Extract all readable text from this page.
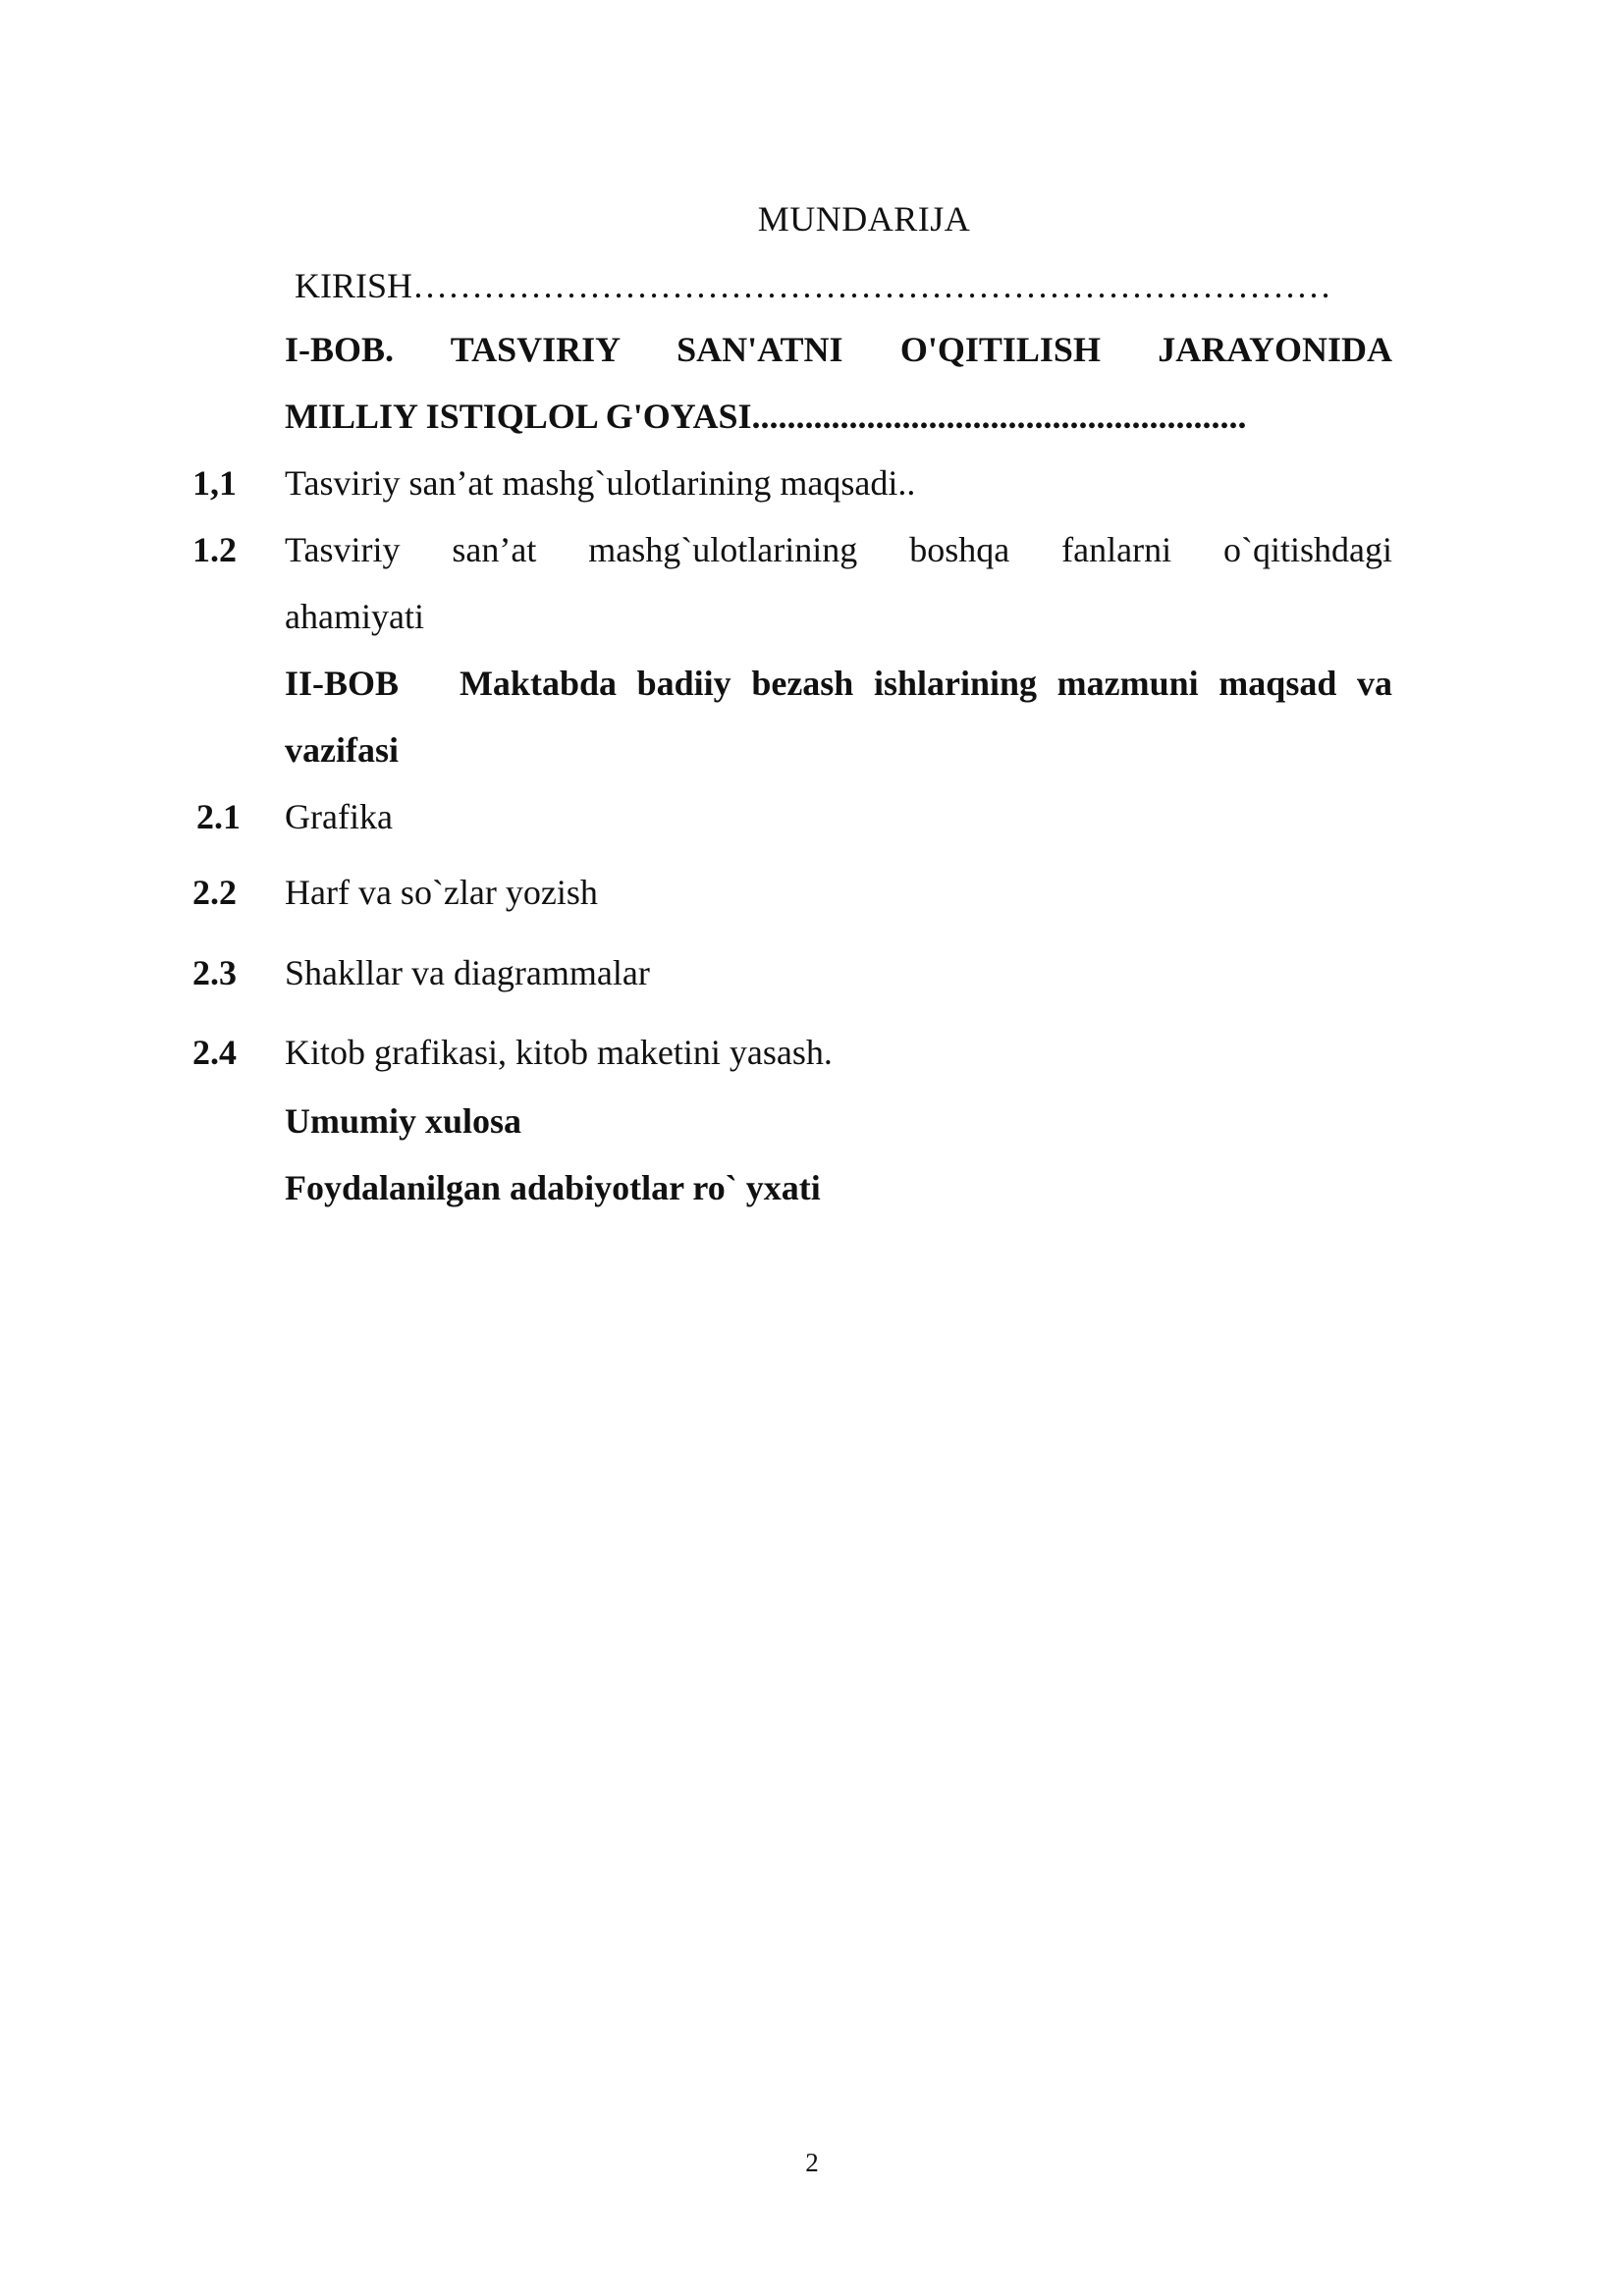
MUNDARIJA
KIRISH……………………………………………………………………
I-BOB. TASVIRIY SAN'ATNI O'QITILISH JARAYONIDA
MILLIY ISTIQLOL G'OYASI........................................................
1,1	Tasviriy san’at mashg`ulotlarining maqsadi..
1.2	Tasviriy san’at mashg`ulotlarining boshqa fanlarni o`qitishdagi
ahamiyati
II-BOB   Maktabda badiiy bezash ishlarining mazmuni maqsad va
vazifasi
2.1	Grafika
2.2	Harf va so`zlar yozish
2.3	Shakllar va diagrammalar
2.4	Kitob grafikasi, kitob maketini yasash.
Umumiy xulosa
Foydalanilgan adabiyotlar ro` yxati
2
